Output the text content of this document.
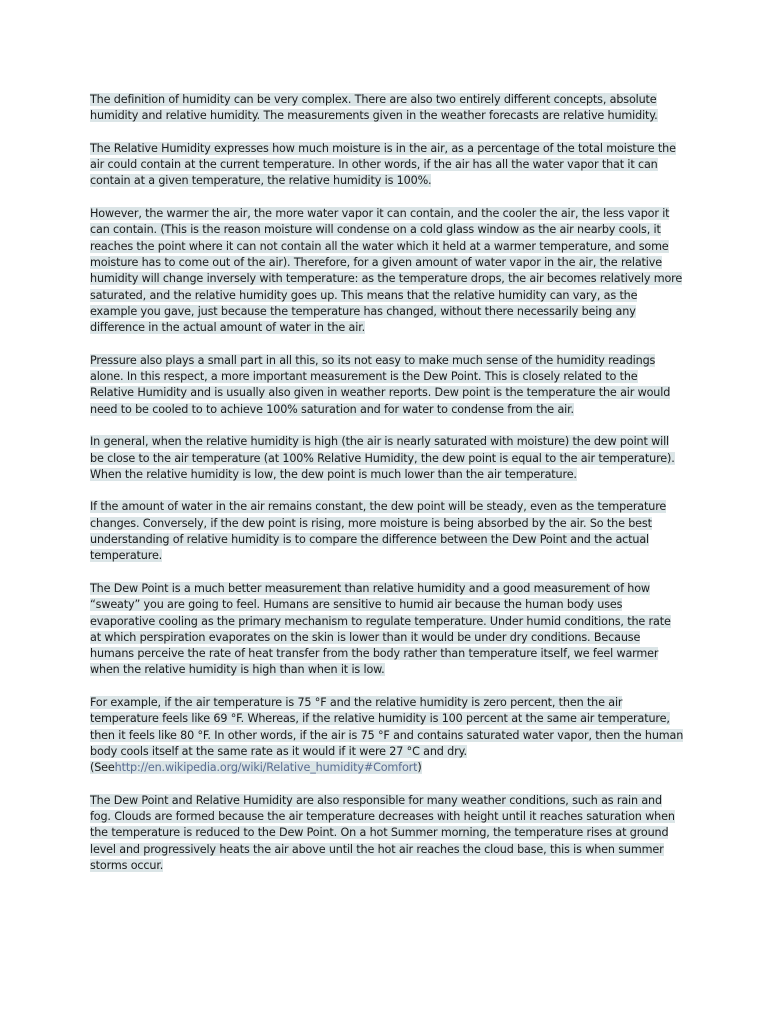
The definition of humidity can be very complex. There are also two entirely different concepts, absolute humidity and relative humidity. The measurements given in the weather forecasts are relative humidity.

The Relative Humidity expresses how much moisture is in the air, as a percentage of the total moisture the air could contain at the current temperature. In other words, if the air has all the water vapor that it can contain at a given temperature, the relative humidity is 100%.

However, the warmer the air, the more water vapor it can contain, and the cooler the air, the less vapor it can contain. (This is the reason moisture will condense on a cold glass window as the air nearby cools, it reaches the point where it can not contain all the water which it held at a warmer temperature, and some moisture has to come out of the air). Therefore, for a given amount of water vapor in the air, the relative humidity will change inversely with temperature: as the temperature drops, the air becomes relatively more saturated, and the relative humidity goes up. This means that the relative humidity can vary, as the example you gave, just because the temperature has changed, without there necessarily being any difference in the actual amount of water in the air.

Pressure also plays a small part in all this, so its not easy to make much sense of the humidity readings alone. In this respect, a more important measurement is the Dew Point. This is closely related to the Relative Humidity and is usually also given in weather reports. Dew point is the temperature the air would need to be cooled to to achieve 100% saturation and for water to condense from the air.

In general, when the relative humidity is high (the air is nearly saturated with moisture) the dew point will be close to the air temperature (at 100% Relative Humidity, the dew point is equal to the air temperature). When the relative humidity is low, the dew point is much lower than the air temperature.

If the amount of water in the air remains constant, the dew point will be steady, even as the temperature changes. Conversely, if the dew point is rising, more moisture is being absorbed by the air. So the best understanding of relative humidity is to compare the difference between the Dew Point and the actual temperature.

The Dew Point is a much better measurement than relative humidity and a good measurement of how “sweaty” you are going to feel. Humans are sensitive to humid air because the human body uses evaporative cooling as the primary mechanism to regulate temperature. Under humid conditions, the rate at which perspiration evaporates on the skin is lower than it would be under dry conditions. Because humans perceive the rate of heat transfer from the body rather than temperature itself, we feel warmer when the relative humidity is high than when it is low.

For example, if the air temperature is 75 °F and the relative humidity is zero percent, then the air temperature feels like 69 °F. Whereas, if the relative humidity is 100 percent at the same air temperature, then it feels like 80 °F. In other words, if the air is 75 °F and contains saturated water vapor, then the human body cools itself at the same rate as it would if it were 27 °C and dry. (Seehttp://en.wikipedia.org/wiki/Relative_humidity#Comfort)

The Dew Point and Relative Humidity are also responsible for many weather conditions, such as rain and fog. Clouds are formed because the air temperature decreases with height until it reaches saturation when the temperature is reduced to the Dew Point. On a hot Summer morning, the temperature rises at ground level and progressively heats the air above until the hot air reaches the cloud base, this is when summer storms occur.
